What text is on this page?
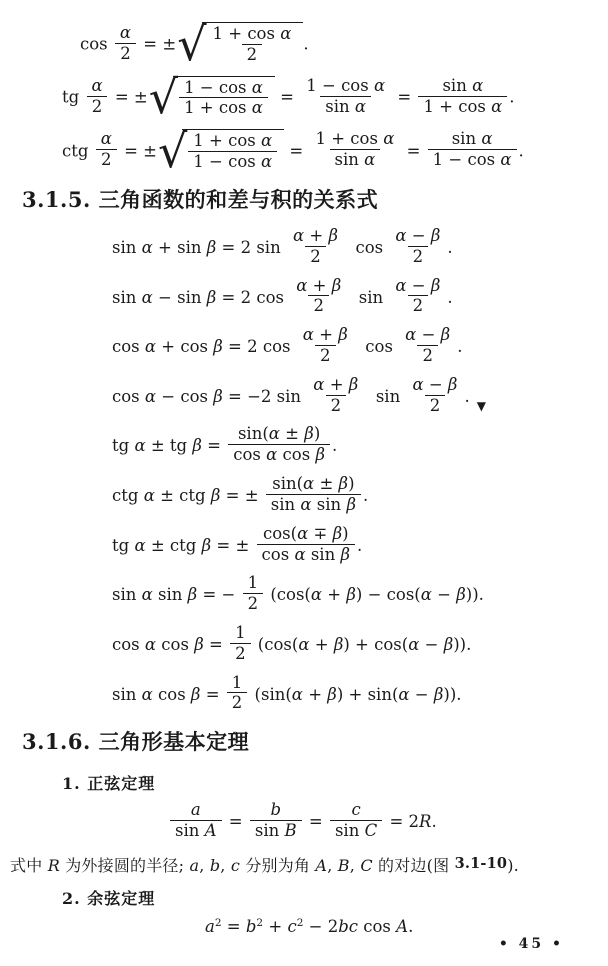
$\cos \frac{\alpha}{2}$ = ± √ $\frac{\text{1 + cos α}}{2}$ .
tg $\frac{\alpha}{2}$ = ± √ $\frac{\text{1 − cos α}}{\text{1 + cos α}} = \frac{\text{1 − cos α}}{\text{sin α}} = \frac{\text{sin α}}{\text{1 + cos α}}$ .
ctg $\frac{\alpha}{2}$ = ± √ $\frac{\text{1 + cos α}}{\text{1 − cos α}} = \frac{\text{1 + cos α}}{\text{sin α}} = \frac{\text{sin α}}{\text{1 − cos α}}$ .
3.1.5. 三角函数的和差与积的关系式
sin α + sin β = 2 $\sin \frac{\alpha + \beta}{2}$ $\cos \frac{\alpha - \beta}{2}$ .
sin α − sin β = 2 $\cos \frac{\alpha + \beta}{2}$ $\sin \frac{\alpha - \beta}{2}$ .
cos α + cos β = 2 $\cos \frac{\alpha + \beta}{2}$ $\cos \frac{\alpha - \beta}{2}$ .
cos α − cos β = −2 $\sin \frac{\alpha + \beta}{2}$ $\sin \frac{\alpha - \beta}{2}$ . $_▼$
tg α ± tg $\beta = \frac{\sin(\alpha \pm \beta)}{\text{cos α cos β}}$ .
ctg α ± ctg β = ± $\frac{\sin(\alpha \pm \beta)}{\text{sin α sin β}}$ .
tg α ± ctg β = ± $\frac{\cos(\alpha \mp \beta)}{\text{cos α sin β}}$ .
sin α sin β = − $\frac{1}{2} (\cos(\alpha + \beta) - \cos(\alpha - \beta))$.
cos α $\cos \beta = \frac{1}{2} (\cos(\alpha + \beta) + \cos(\alpha - \beta))$.
sin α $\cos \beta = \frac{1}{2} (\sin(\alpha + \beta) + \sin(\alpha - \beta))$.
3.1.6. 三角形基本定理
1. 正弦定理
$\frac{a}{\text{sin A}} = \frac{b}{\text{sin B}} = \frac{c}{\text{sin C}} = 2R$.

式中 R 为外接圆的半径; a, b, c 分别为角 A, B, C 的对边(图 3.1-10).

2. 余弦定理
$a^2 = b^2 + c^2 - 2bc$ cos A.
• 45 •
